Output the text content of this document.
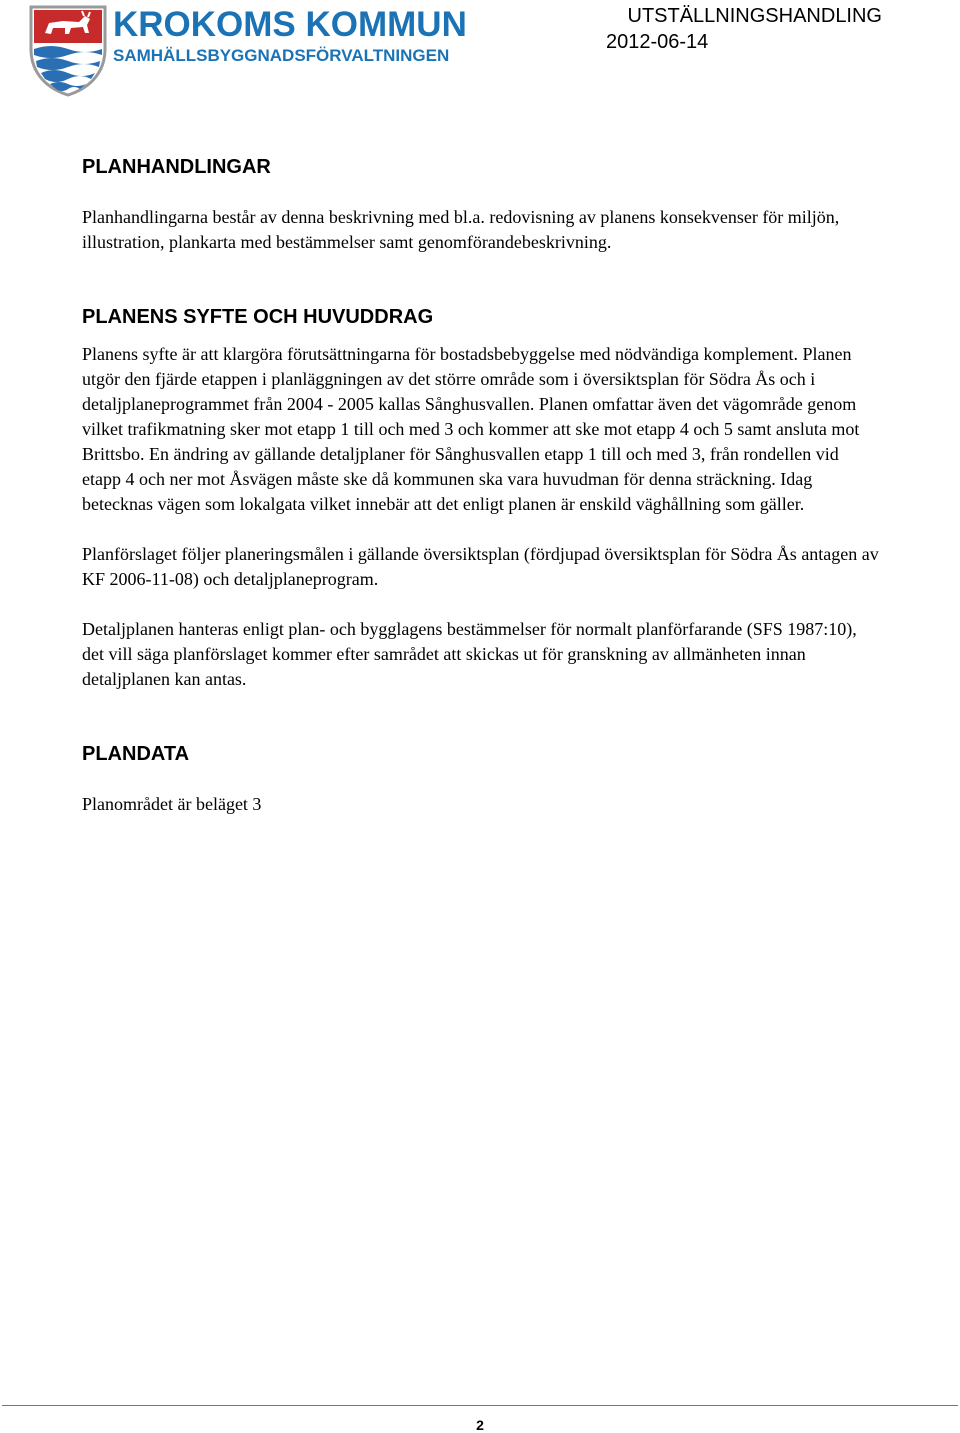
KROKOMS KOMMUN
SAMHÄLLSBYGGNADSFÖRVALTNINGEN
UTSTÄLLNINGSHANDLING
2012-06-14
PLANHANDLINGAR

Planhandlingarna består av denna beskrivning med bl.a. redovisning av planens konsekvenser för miljön, illustration, plankarta med bestämmelser samt genomförandebeskrivning.

PLANENS SYFTE OCH HUVUDDRAG

Planens syfte är att klargöra förutsättningarna för bostadsbebyggelse med nödvändiga komplement. Planen utgör den fjärde etappen i planläggningen av det större område som i översiktsplan för Södra Ås och i detaljplaneprogrammet från 2004 - 2005 kallas Sånghusvallen. Planen omfattar även det vägområde genom vilket trafikmatning sker mot etapp 1 till och med 3 och kommer att ske mot etapp 4 och 5 samt ansluta mot Brittsbo. En ändring av gällande detaljplaner för Sånghusvallen etapp 1 till och med 3, från rondellen vid etapp 4 och ner mot Åsvägen måste ske då kommunen ska vara huvudman för denna sträckning. Idag betecknas vägen som lokalgata vilket innebär att det enligt planen är enskild väghållning som gäller.

Planförslaget följer planeringsmålen i gällande översiktsplan (fördjupad översiktsplan för Södra Ås antagen av KF 2006-11-08) och detaljplaneprogram.

Detaljplanen hanteras enligt plan- och bygglagens bestämmelser för normalt planförfarande (SFS 1987:10), det vill säga planförslaget kommer efter samrådet att skickas ut för granskning av allmänheten innan detaljplanen kan antas.

PLANDATA

Planområdet är beläget 3

2
